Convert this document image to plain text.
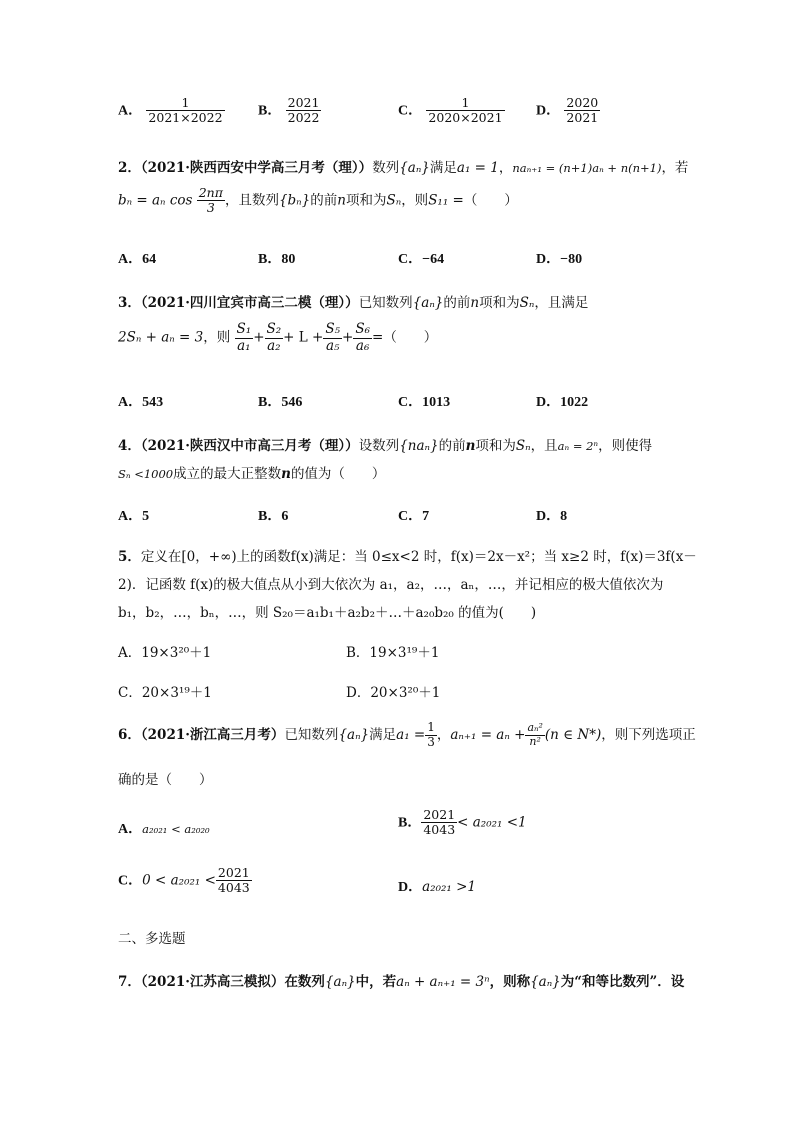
A． $\frac{1}{2021\times 2022}$ B． $\frac{2021}{2022}$	C． $\frac{1}{2020\times 2021}$ D． $\frac{2020}{2021}$
2．（2021·陕西西安中学高三月考（理））数列{aₙ}满足a₁ = 1，naₙ₊₁ = (n+1)aₙ + n(n+1)，若
bₙ = aₙ $\cos \frac{2n\pi}{3}$ ，且数列{bₙ}的前n项和为Sₙ，则S₁₁ =（　　）
A．64	B．80	C．−64	D．−80
3．（2021·四川宜宾市高三二模（理））已知数列{aₙ}的前n项和为Sₙ，且满足
2Sₙ + aₙ = 3，则 $\frac{\text{S₁}}{\text{a₁}} + \frac{\text{S₂}}{\text{a₂}} + L + \frac{\text{S₅}}{\text{a₅}} + \frac{\text{S₆}}{\text{a₆}}$ =（　　）
A．543	B．546	C．1013	D．1022
4．（2021·陕西汉中市高三月考（理））设数列{naₙ}的前n项和为Sₙ，且aₙ = 2ⁿ，则使得
Sₙ <1000成立的最大正整数n的值为（　　）
A．5	B．6	C．7	D．8
5．定义在[0，+∞)上的函数f(x)满足：当 0≤x<2 时，f(x)＝2x－x²；当 x≥2 时，f(x)＝3f(x－
2)．记函数 f(x)的极大值点从小到大依次为 a₁，a₂，…，aₙ，…，并记相应的极大值依次为
b₁，b₂，…，bₙ，…，则 S₂₀＝a₁b₁＋a₂b₂＋…＋a₂₀b₂₀ 的值为(　　)
A．19×3²⁰＋1	B．19×3¹⁹＋1
C．20×3¹⁹＋1	D．20×3²⁰＋1
6．（2021·浙江高三月考）已知数列{aₙ}满足$a_1 = \frac{1}{3}$ ，$a_{n+1} = a_n + \frac{\text{aₙ²}}{\text{n²}} (n$ ∈ N*)，则下列选项正
确的是（　　）
A．a₂₀₂₁ < a₂₀₂₀	B． $\frac{2021}{4043} < a_{2021} <1$
C．$0 < a_{2021} < \frac{2021}{4043}$	D．a₂₀₂₁ >1
二、多选题
7．（2021·江苏高三模拟）在数列{aₙ}中，若aₙ + aₙ₊₁ = 3ⁿ，则称{aₙ}为“和等比数列”．设
